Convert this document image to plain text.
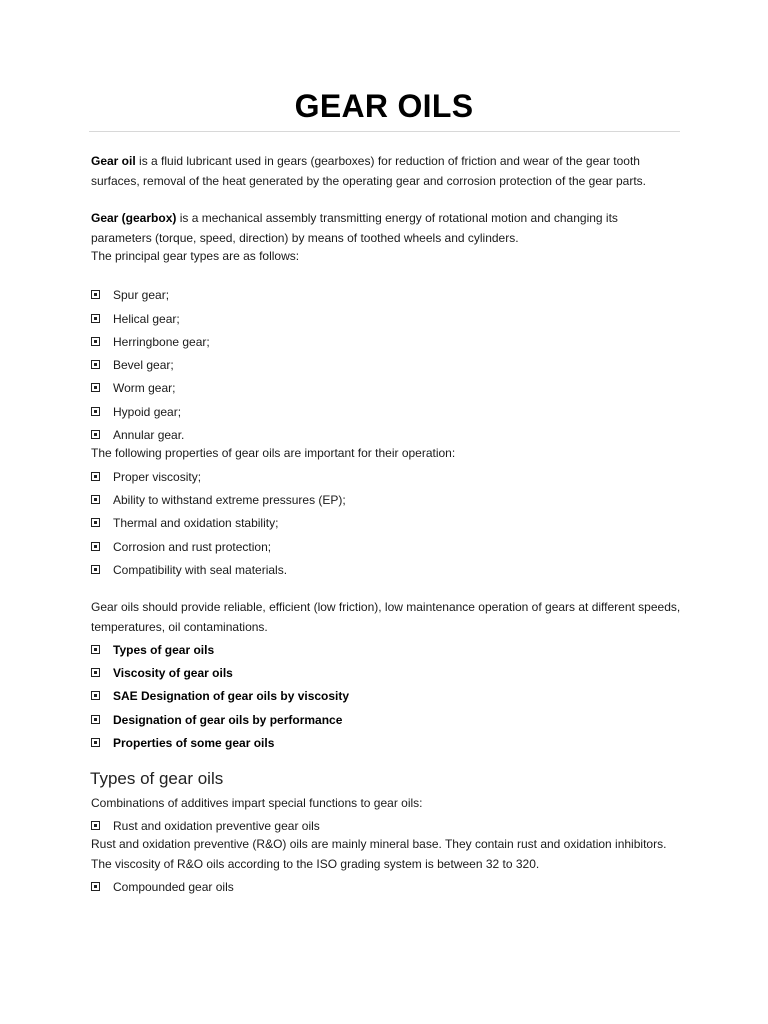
GEAR OILS
Gear oil is a fluid lubricant used in gears (gearboxes) for reduction of friction and wear of the gear tooth surfaces, removal of the heat generated by the operating gear and corrosion protection of the gear parts.
Gear (gearbox) is a mechanical assembly transmitting energy of rotational motion and changing its parameters (torque, speed, direction) by means of toothed wheels and cylinders.
The principal gear types are as follows:
Spur gear;
Helical gear;
Herringbone gear;
Bevel gear;
Worm gear;
Hypoid gear;
Annular gear.
The following properties of gear oils are important for their operation:
Proper viscosity;
Ability to withstand extreme pressures (EP);
Thermal and oxidation stability;
Corrosion and rust protection;
Compatibility with seal materials.
Gear oils should provide reliable, efficient (low friction), low maintenance operation of gears at different speeds, temperatures, oil contaminations.
Types of gear oils
Viscosity of gear oils
SAE Designation of gear oils by viscosity
Designation of gear oils by performance
Properties of some gear oils
Types of gear oils
Combinations of additives impart special functions to gear oils:
Rust and oxidation preventive gear oils
Rust and oxidation preventive (R&O) oils are mainly mineral base. They contain rust and oxidation inhibitors. The viscosity of R&O oils according to the ISO grading system is between 32 to 320.
Compounded gear oils
